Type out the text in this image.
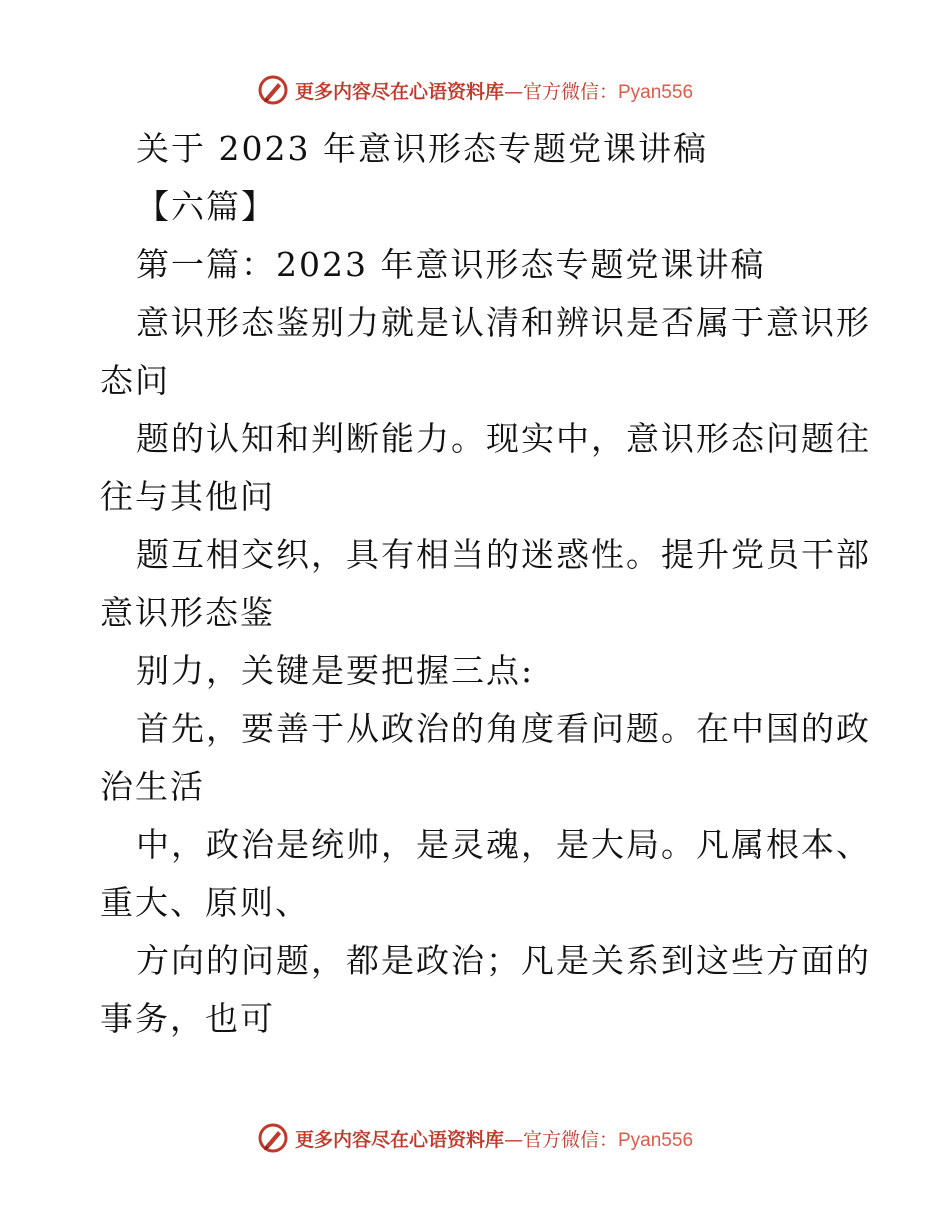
更多内容尽在心语资料库—官方微信：Pyan556
关于 2023 年意识形态专题党课讲稿
【六篇】
第一篇：2023 年意识形态专题党课讲稿
意识形态鉴别力就是认清和辨识是否属于意识形
态问
题的认知和判断能力。现实中，意识形态问题往
往与其他问
题互相交织，具有相当的迷惑性。提升党员干部
意识形态鉴
别力，关键是要把握三点:
首先，要善于从政治的角度看问题。在中国的政
治生活
中，政治是统帅，是灵魂，是大局。凡属根本、
重大、原则、
方向的问题，都是政治；凡是关系到这些方面的
事务，也可
更多内容尽在心语资料库—官方微信：Pyan556
